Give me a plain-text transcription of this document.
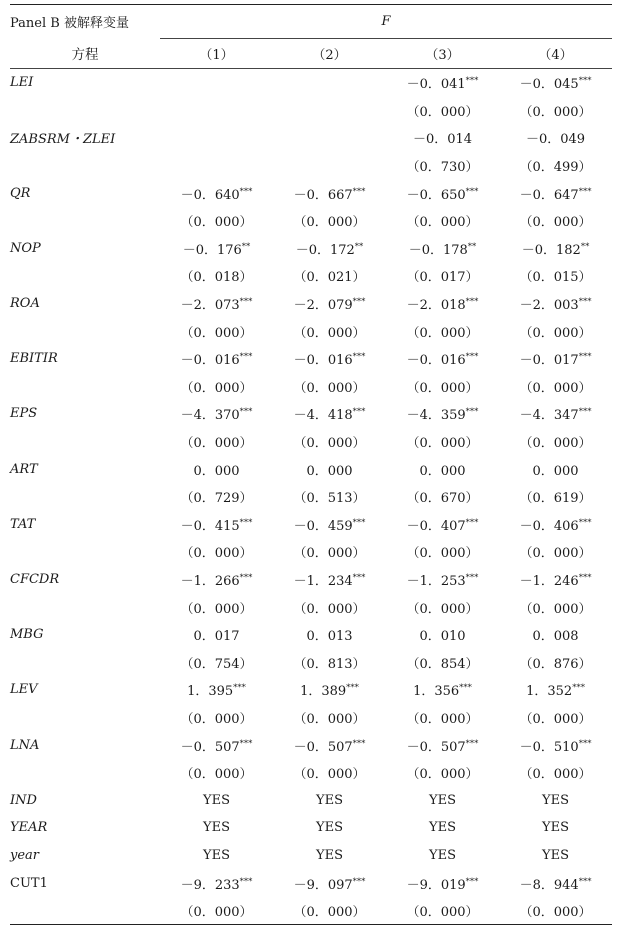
Panel B 被解释变量	F			
方程	（1）	（2）	（3）	（4）
LEI			－0．041***	－0．045***
			（0．000）	（0．000）
ZABSRM・ZLEI			－0．014	－0．049
			（0．730）	（0．499）
QR	－0．640***	－0．667***	－0．650***	－0．647***
	（0．000）	（0．000）	（0．000）	（0．000）
NOP	－0．176**	－0．172**	－0．178**	－0．182**
	（0．018）	（0．021）	（0．017）	（0．015）
ROA	－2．073***	－2．079***	－2．018***	－2．003***
	（0．000）	（0．000）	（0．000）	（0．000）
EBITIR	－0．016***	－0．016***	－0．016***	－0．017***
	（0．000）	（0．000）	（0．000）	（0．000）
EPS	－4．370***	－4．418***	－4．359***	－4．347***
	（0．000）	（0．000）	（0．000）	（0．000）
ART	0．000	0．000	0．000	0．000
	（0．729）	（0．513）	（0．670）	（0．619）
TAT	－0．415***	－0．459***	－0．407***	－0．406***
	（0．000）	（0．000）	（0．000）	（0．000）
CFCDR	－1．266***	－1．234***	－1．253***	－1．246***
	（0．000）	（0．000）	（0．000）	（0．000）
MBG	0．017	0．013	0．010	0．008
	（0．754）	（0．813）	（0．854）	（0．876）
LEV	1．395***	1．389***	1．356***	1．352***
	（0．000）	（0．000）	（0．000）	（0．000）
LNA	－0．507***	－0．507***	－0．507***	－0．510***
	（0．000）	（0．000）	（0．000）	（0．000）
IND	YES	YES	YES	YES
YEAR	YES	YES	YES	YES
year	YES	YES	YES	YES
CUT1	－9．233***	－9．097***	－9．019***	－8．944***
	（0．000）	（0．000）	（0．000）	（0．000）
